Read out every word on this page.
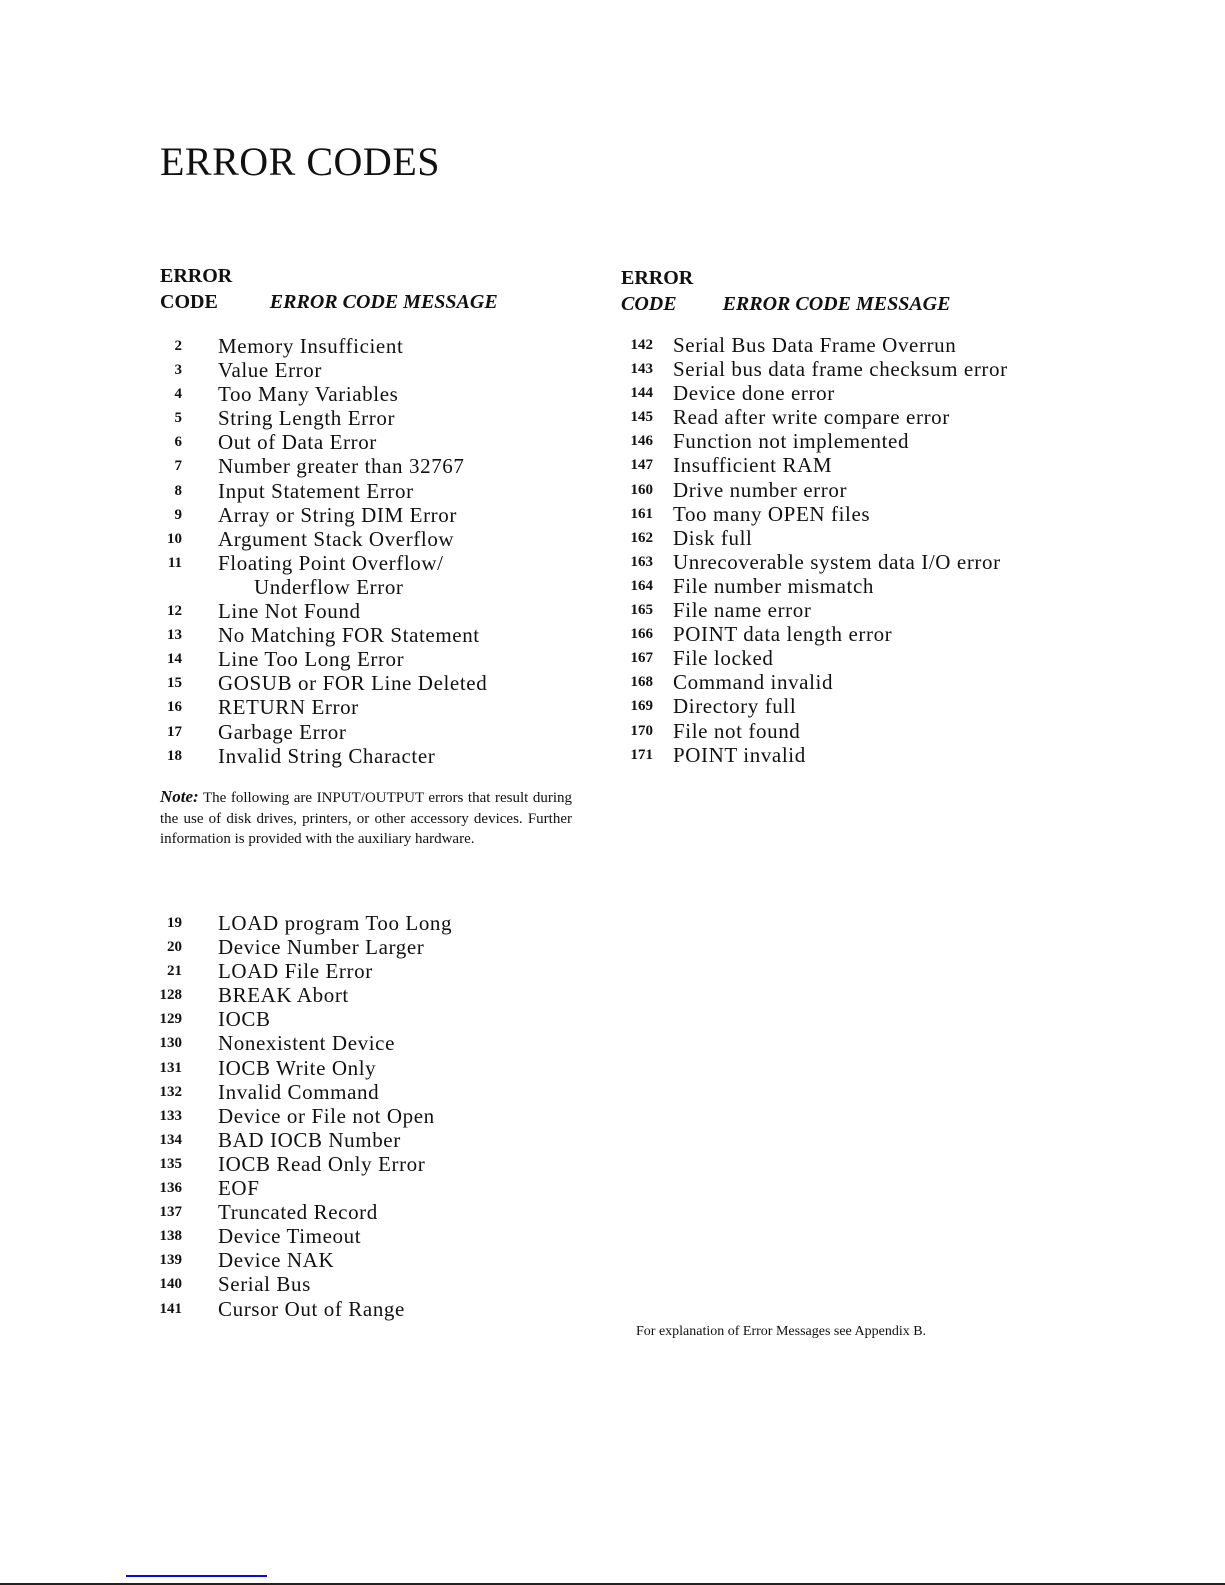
ERROR CODES
ERROR
CODE	ERROR CODE MESSAGE
ERROR
CODE ERROR CODE MESSAGE
2 Memory Insufficient
3 Value Error
4 Too Many Variables
5 String Length Error
6 Out of Data Error
7 Number greater than 32767
8 Input Statement Error
9 Array or String DIM Error
10 Argument Stack Overflow
11 Floating Point Overflow/
Underflow Error
12 Line Not Found
13 No Matching FOR Statement
14 Line Too Long Error
15 GOSUB or FOR Line Deleted
16 RETURN Error
17 Garbage Error
18 Invalid String Character
Note: The following are INPUT/OUTPUT errors that result during the use of disk drives, printers, or other accessory devices. Further information is provided with the auxiliary hardware.
19 LOAD program Too Long
20 Device Number Larger
21 LOAD File Error
128 BREAK Abort
129 IOCB
130 Nonexistent Device
131 IOCB Write Only
132 Invalid Command
133 Device or File not Open
134 BAD IOCB Number
135 IOCB Read Only Error
136 EOF
137 Truncated Record
138 Device Timeout
139 Device NAK
140 Serial Bus
141 Cursor Out of Range
142 Serial Bus Data Frame Overrun
143 Serial bus data frame checksum error
144 Device done error
145 Read after write compare error
146 Function not implemented
147 Insufficient RAM
160 Drive number error
161 Too many OPEN files
162 Disk full
163 Unrecoverable system data I/O error
164 File number mismatch
165 File name error
166 POINT data length error
167 File locked
168 Command invalid
169 Directory full
170 File not found
171 POINT invalid
For explanation of Error Messages see Appendix B.
